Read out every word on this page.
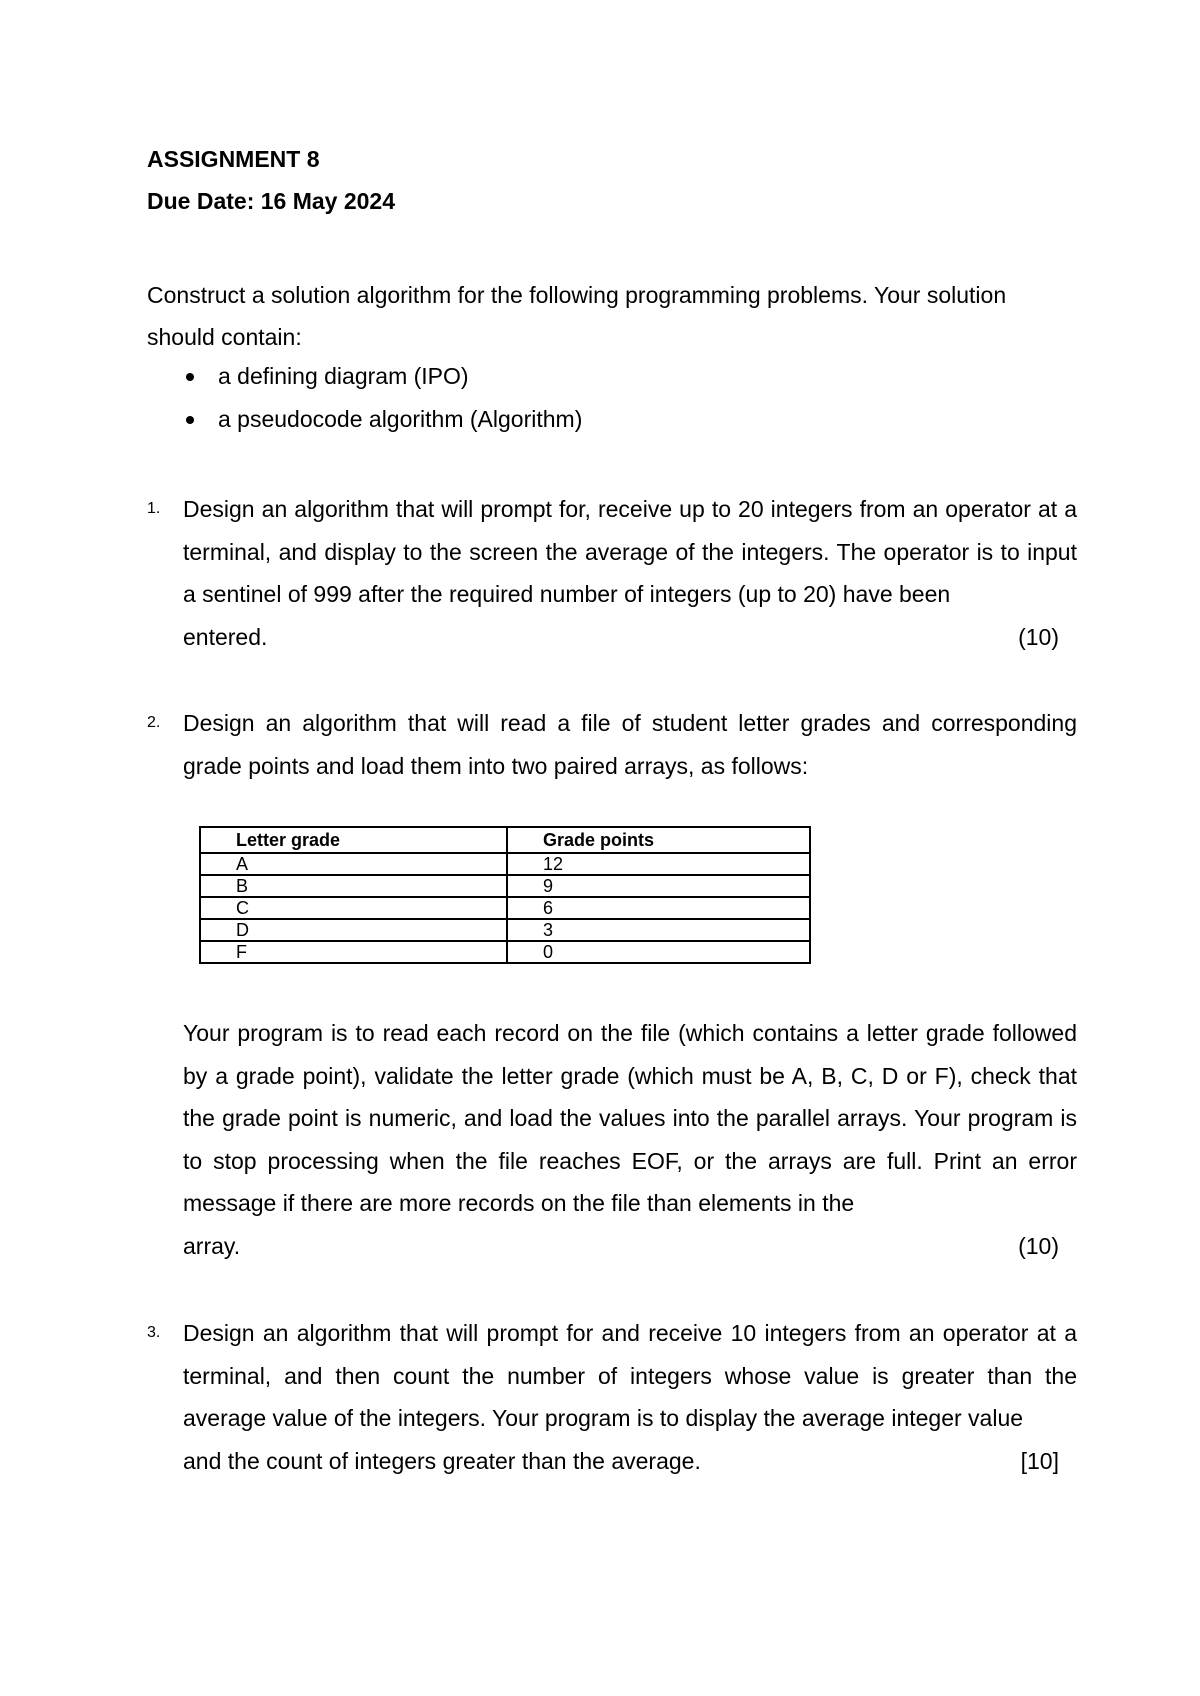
ASSIGNMENT 8
Due Date: 16 May 2024
Construct a solution algorithm for the following programming problems. Your solution should contain:
a defining diagram (IPO)
a pseudocode algorithm (Algorithm)
1. Design an algorithm that will prompt for, receive up to 20 integers from an operator at a terminal, and display to the screen the average of the integers. The operator is to input a sentinel of 999 after the required number of integers (up to 20) have been

entered.	(10)
2. Design an algorithm that will read a file of student letter grades and corresponding grade points and load them into two paired arrays, as follows:

Letter grade	Grade points
A	12
B	9
C	6
D	3
F	0

Your program is to read each record on the file (which contains a letter grade followed by a grade point), validate the letter grade (which must be A, B, C, D or F), check that the grade point is numeric, and load the values into the parallel arrays. Your program is to stop processing when the file reaches EOF, or the arrays are full. Print an error message if there are more records on the file than elements in the

array.	(10)
3. Design an algorithm that will prompt for and receive 10 integers from an operator at a terminal, and then count the number of integers whose value is greater than the average value of the integers. Your program is to display the average integer value

and the count of integers greater than the average.	[10]
